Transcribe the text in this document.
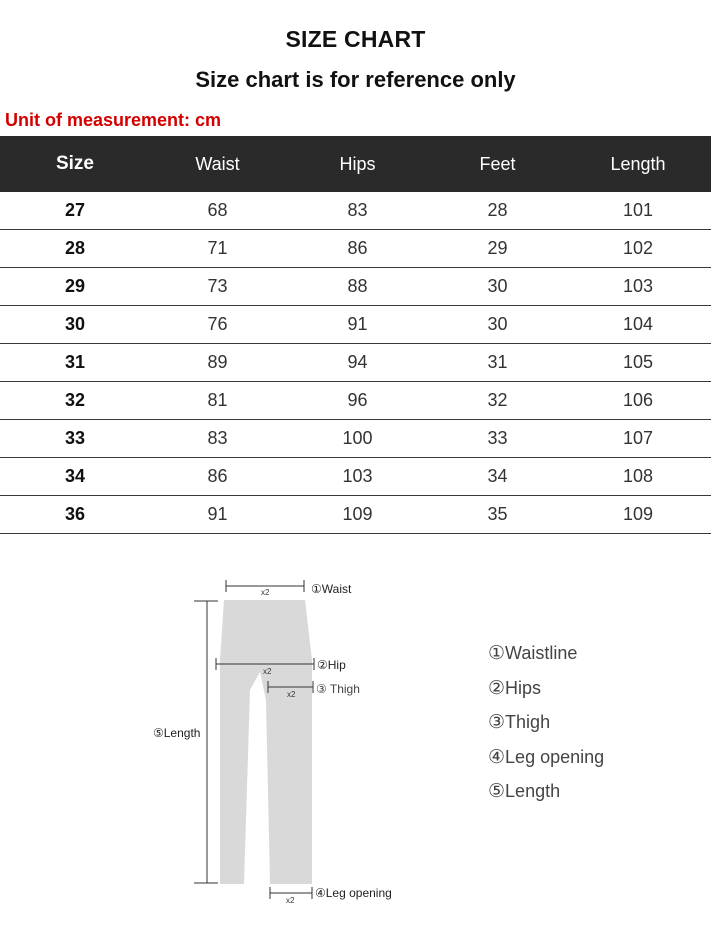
SIZE CHART
Size chart is for reference only
Unit of measurement: cm
Size	Waist	Hips	Feet	Length
27	68	83	28	101
28	71	86	29	102
29	73	88	30	103
30	76	91	30	104
31	89	94	31	105
32	81	96	32	106
33	83	100	33	107
34	86	103	34	108
36	91	109	35	109
x2	①Waist
x2	②Hip
x2 ③ Thigh
⑤Length
x2
④Leg opening
①Waistline
②Hips
③Thigh
④Leg opening
⑤Length
